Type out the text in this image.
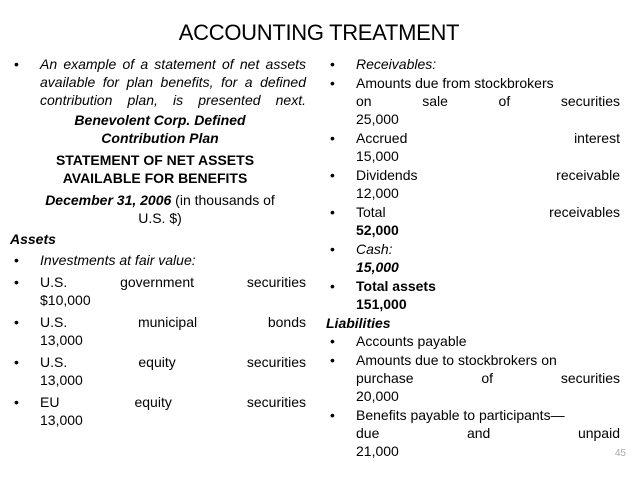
ACCOUNTING TREATMENT
• An example of a statement of net assets available for plan benefits, for a defined contribution plan, is presented next.
Benevolent Corp. Defined
Contribution Plan
STATEMENT OF NET ASSETS
AVAILABLE FOR BENEFITS
December 31, 2006 (in thousands of
U.S. $)
Assets
• Investments at fair value:
• U.S. government securities
$10,000
• U.S. municipal bonds
13,000
• U.S. equity securities
13,000
• EU equity securities
13,000
• Receivables:
• Amounts due from stockbrokers
on sale of securities
25,000
• Accrued interest
15,000
• Dividends receivable
12,000
• Total receivables
52,000
• Cash:
15,000
• Total assets
151,000
Liabilities
• Accounts payable
• Amounts due to stockbrokers on
purchase of securities
20,000
• Benefits payable to participants—
due and unpaid
21,000	45
